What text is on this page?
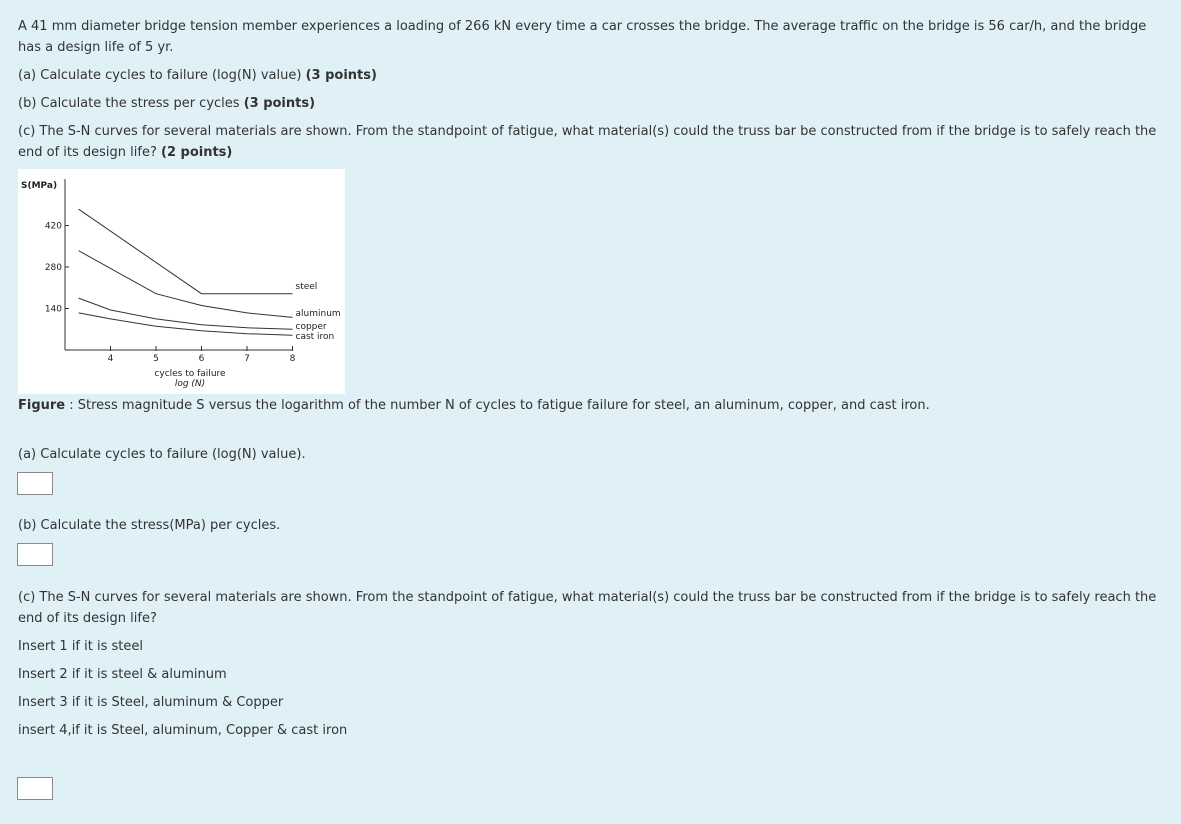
A 41 mm diameter bridge tension member experiences a loading of 266 kN every time a car crosses the bridge. The average traffic on the bridge is 56 car/h, and the bridge has a design life of 5 yr.

(a) Calculate cycles to failure (log(N) value) (3 points)

(b) Calculate the stress per cycles (3 points)

(c) The S-N curves for several materials are shown. From the standpoint of fatigue, what material(s) could the truss bar be constructed from if the bridge is to safely reach the end of its design life? (2 points)

S(MPa)
420
280
140
4	5	6	7	8
cycles to failure
log (N)
steel
aluminum
copper
cast iron
Figure : Stress magnitude S versus the logarithm of the number N of cycles to fatigue failure for steel, an aluminum, copper, and cast iron.

(a) Calculate cycles to failure (log(N) value).

(b) Calculate the stress(MPa) per cycles.

(c) The S-N curves for several materials are shown. From the standpoint of fatigue, what material(s) could the truss bar be constructed from if the bridge is to safely reach the end of its design life?

Insert 1 if it is steel

Insert 2 if it is steel & aluminum

Insert 3 if it is Steel, aluminum & Copper

insert 4,if it is Steel, aluminum, Copper & cast iron
